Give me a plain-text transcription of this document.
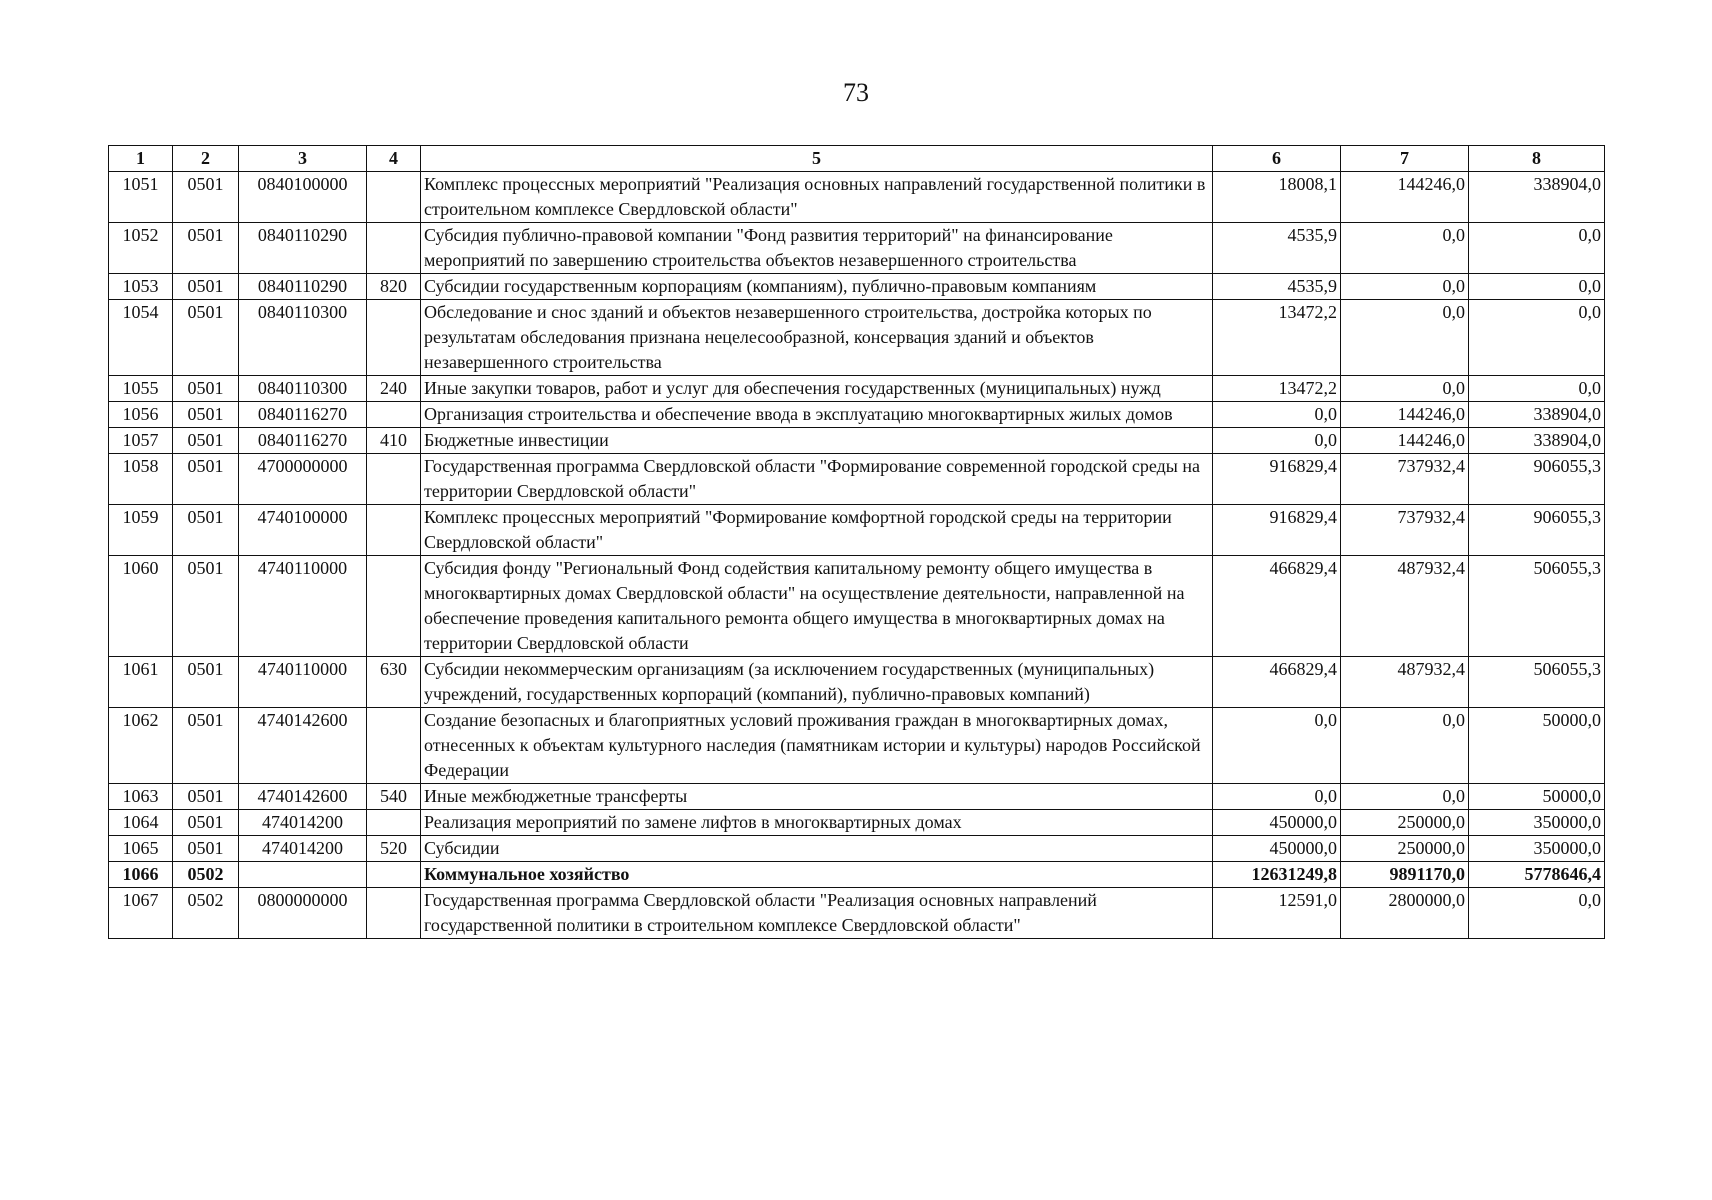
73
1	2	3	4	5	6	7	8
1051	0501	0840100000		Комплекс процессных мероприятий "Реализация основных направлений государственной политики в строительном комплексе Свердловской области"	18008,1	144246,0	338904,0
1052	0501	0840110290		Субсидия публично-правовой компании "Фонд развития территорий" на финансирование мероприятий по завершению строительства объектов незавершенного строительства	4535,9	0,0	0,0
1053	0501	0840110290	820	Субсидии государственным корпорациям (компаниям), публично-правовым компаниям	4535,9	0,0	0,0
1054	0501	0840110300		Обследование и снос зданий и объектов незавершенного строительства, достройка которых по результатам обследования признана нецелесообразной, консервация зданий и объектов незавершенного строительства	13472,2	0,0	0,0
1055	0501	0840110300	240	Иные закупки товаров, работ и услуг для обеспечения государственных (муниципальных) нужд	13472,2	0,0	0,0
1056	0501	0840116270		Организация строительства и обеспечение ввода в эксплуатацию многоквартирных жилых домов	0,0	144246,0	338904,0
1057	0501	0840116270	410	Бюджетные инвестиции	0,0	144246,0	338904,0
1058	0501	4700000000		Государственная программа Свердловской области "Формирование современной городской среды на территории Свердловской области"	916829,4	737932,4	906055,3
1059	0501	4740100000		Комплекс процессных мероприятий "Формирование комфортной городской среды на территории Свердловской области"	916829,4	737932,4	906055,3
1060	0501	4740110000		Субсидия фонду "Региональный Фонд содействия капитальному ремонту общего имущества в многоквартирных домах Свердловской области" на осуществление деятельности, направленной на обеспечение проведения капитального ремонта общего имущества в многоквартирных домах на территории Свердловской области	466829,4	487932,4	506055,3
1061	0501	4740110000	630	Субсидии некоммерческим организациям (за исключением государственных (муниципальных) учреждений, государственных корпораций (компаний), публично-правовых компаний)	466829,4	487932,4	506055,3
1062	0501	4740142600		Создание безопасных и благоприятных условий проживания граждан в многоквартирных домах, отнесенных к объектам культурного наследия (памятникам истории и культуры) народов Российской Федерации	0,0	0,0	50000,0
1063	0501	4740142600	540	Иные межбюджетные трансферты	0,0	0,0	50000,0
1064	0501	474014200		Реализация мероприятий по замене лифтов в многоквартирных домах	450000,0	250000,0	350000,0
1065	0501	474014200	520	Субсидии	450000,0	250000,0	350000,0
1066	0502			Коммунальное хозяйство	12631249,8	9891170,0	5778646,4
1067	0502	0800000000		Государственная программа Свердловской области "Реализация основных направлений государственной политики в строительном комплексе Свердловской области"	12591,0	2800000,0	0,0
